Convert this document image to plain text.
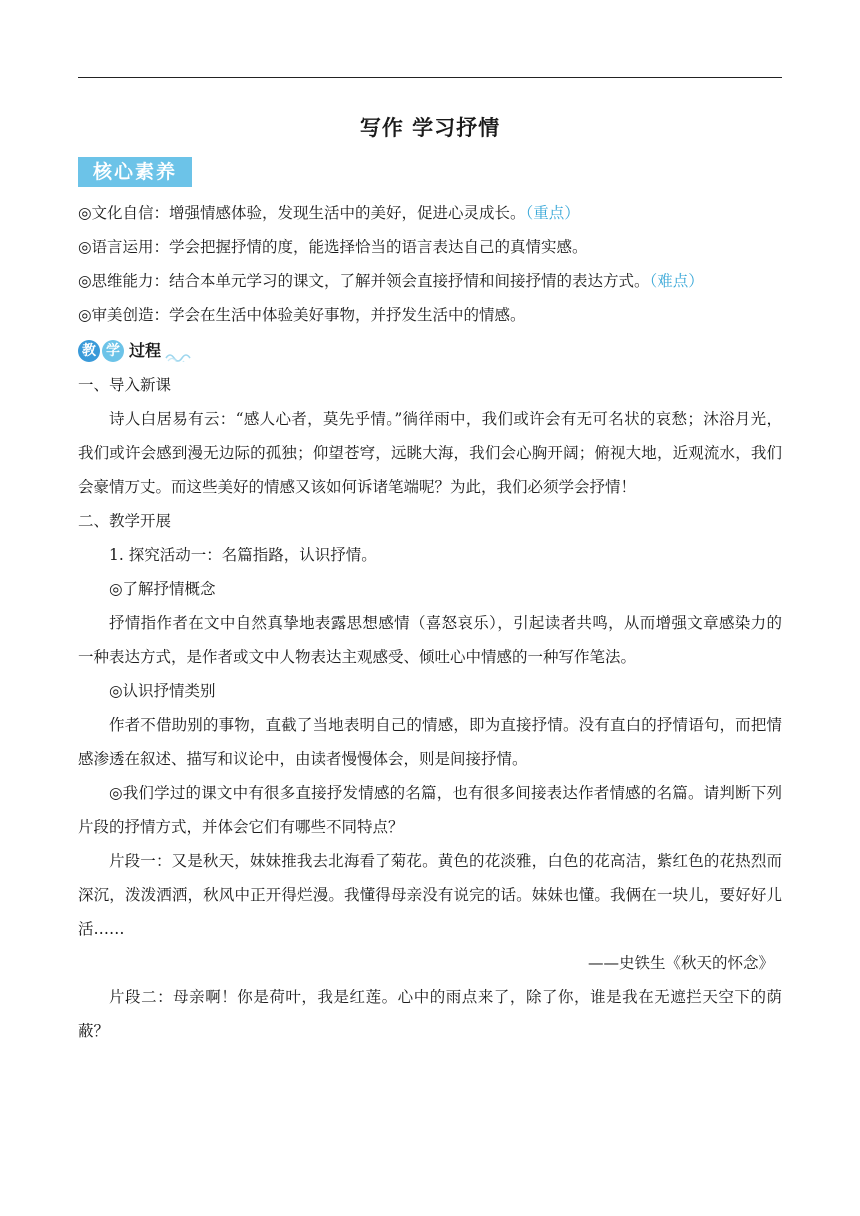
写作 学习抒情
核心素养

◎文化自信：增强情感体验，发现生活中的美好，促进心灵成长。（重点）

◎语言运用：学会把握抒情的度，能选择恰当的语言表达自己的真情实感。

◎思维能力：结合本单元学习的课文，了解并领会直接抒情和间接抒情的表达方式。（难点）

◎审美创造：学会在生活中体验美好事物，并抒发生活中的情感。

教 学 过程

一、导入新课

诗人白居易有云：“感人心者，莫先乎情。”徜徉雨中，我们或许会有无可名状的哀愁；沐浴月光，我们或许会感到漫无边际的孤独；仰望苍穹，远眺大海，我们会心胸开阔；俯视大地，近观流水，我们会豪情万丈。而这些美好的情感又该如何诉诸笔端呢？为此，我们必须学会抒情！

二、教学开展

1. 探究活动一：名篇指路，认识抒情。

◎了解抒情概念

抒情指作者在文中自然真挚地表露思想感情（喜怒哀乐），引起读者共鸣，从而增强文章感染力的一种表达方式，是作者或文中人物表达主观感受、倾吐心中情感的一种写作笔法。

◎认识抒情类别

作者不借助别的事物，直截了当地表明自己的情感，即为直接抒情。没有直白的抒情语句，而把情感渗透在叙述、描写和议论中，由读者慢慢体会，则是间接抒情。

◎我们学过的课文中有很多直接抒发情感的名篇，也有很多间接表达作者情感的名篇。请判断下列片段的抒情方式，并体会它们有哪些不同特点？

片段一：又是秋天，妹妹推我去北海看了菊花。黄色的花淡雅，白色的花高洁，紫红色的花热烈而深沉，泼泼洒洒，秋风中正开得烂漫。我懂得母亲没有说完的话。妹妹也懂。我俩在一块儿，要好好儿活……

——史铁生《秋天的怀念》

片段二：母亲啊！你是荷叶，我是红莲。心中的雨点来了，除了你，谁是我在无遮拦天空下的荫蔽？
